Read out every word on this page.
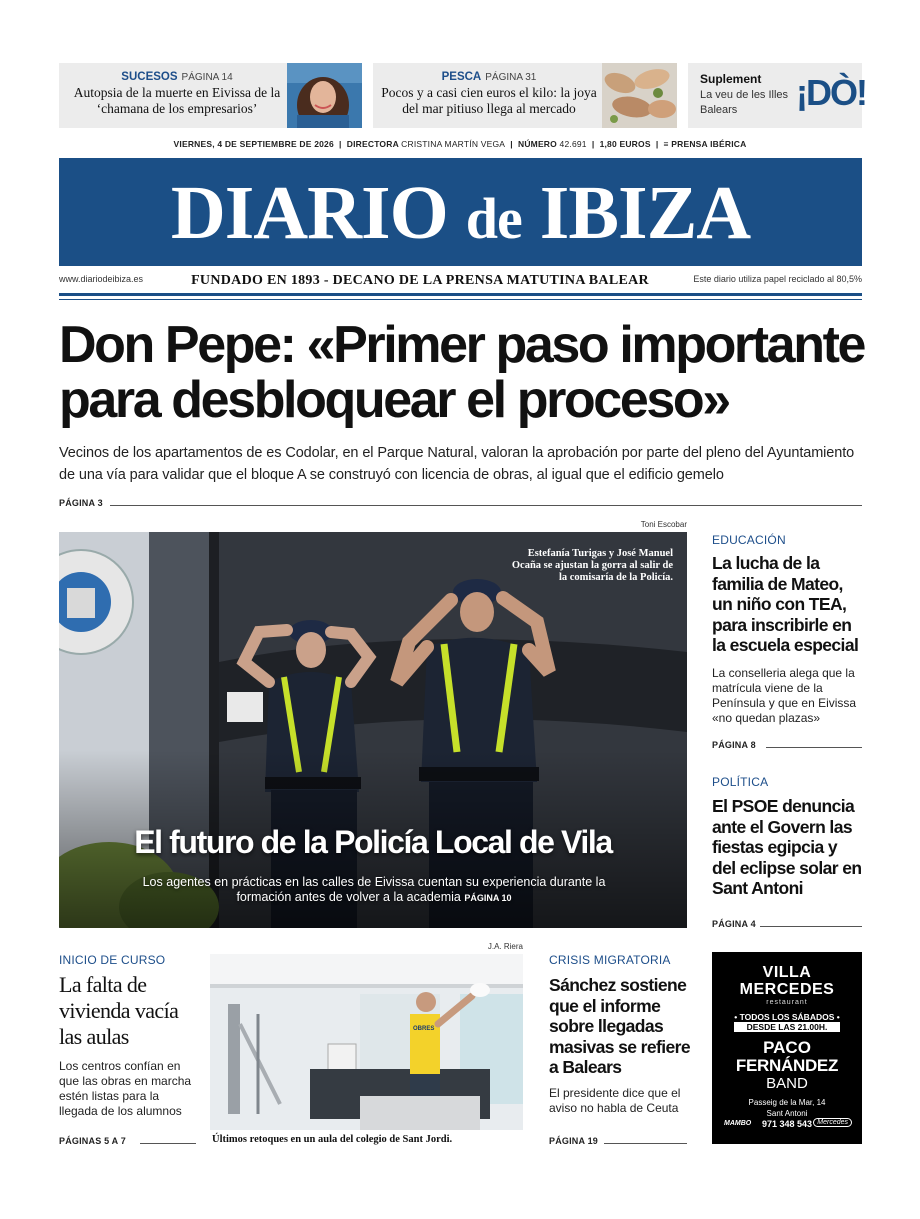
SUCESOS PÁGINA 14
Autopsia de la muerte en Eivissa de la ‘chamana de los empresarios’
PESCA PÁGINA 31
Pocos y a casi cien euros el kilo: la joya del mar pitiuso llega al mercado
Suplement
La veu de les Illes Balears	¡DÒ!
VIERNES, 4 DE SEPTIEMBRE DE 2026  |  DIRECTORA CRISTINA MARTÍN VEGA  |  NÚMERO 42.691  |  1,80 EUROS  |  ≡ PRENSA IBÉRICA
DIARIO de IBIZA
www.diariodeibiza.es	FUNDADO EN 1893 - DECANO DE LA PRENSA MATUTINA BALEAR	Este diario utiliza papel reciclado al 80,5%
Don Pepe: «Primer paso importante
para desbloquear el proceso»
Vecinos de los apartamentos de es Codolar, en el Parque Natural, valoran la aprobación por parte del pleno del Ayuntamiento de una vía para validar que el bloque A se construyó con licencia de obras, al igual que el edificio gemelo
PÁGINA 3
Toni Escobar
Estefanía Turigas y José Manuel Ocaña se ajustan la gorra al salir de la comisaría de la Policía.
El futuro de la Policía Local de Vila
Los agentes en prácticas en las calles de Eivissa cuentan su experiencia durante la formación antes de volver a la academia PÁGINA 10
EDUCACIÓN
La lucha de la familia de Mateo, un niño con TEA, para inscribirle en la escuela especial
La conselleria alega que la matrícula viene de la Península y que en Eivissa «no quedan plazas»
PÁGINA 8
POLÍTICA
El PSOE denuncia ante el Govern las fiestas egipcia y del eclipse solar en Sant Antoni
PÁGINA 4
INICIO DE CURSO
La falta de vivienda vacía las aulas
Los centros confían en que las obras en marcha estén listas para la llegada de los alumnos
PÁGINAS 5 A 7
J.A. Riera
OBRES
Últimos retoques en un aula del colegio de Sant Jordi.
CRISIS MIGRATORIA
Sánchez sostiene que el informe sobre llegadas masivas se refiere a Balears
El presidente dice que el aviso no habla de Ceuta
PÁGINA 19
VILLA
MERCEDES
restaurant
• TODOS LOS SÁBADOS •
DESDE LAS 21.00H.
PACO
FERNÁNDEZ
BAND
Passeig de la Mar, 14
Sant Antoni
MAMBO	971 348 543 Mercedes
